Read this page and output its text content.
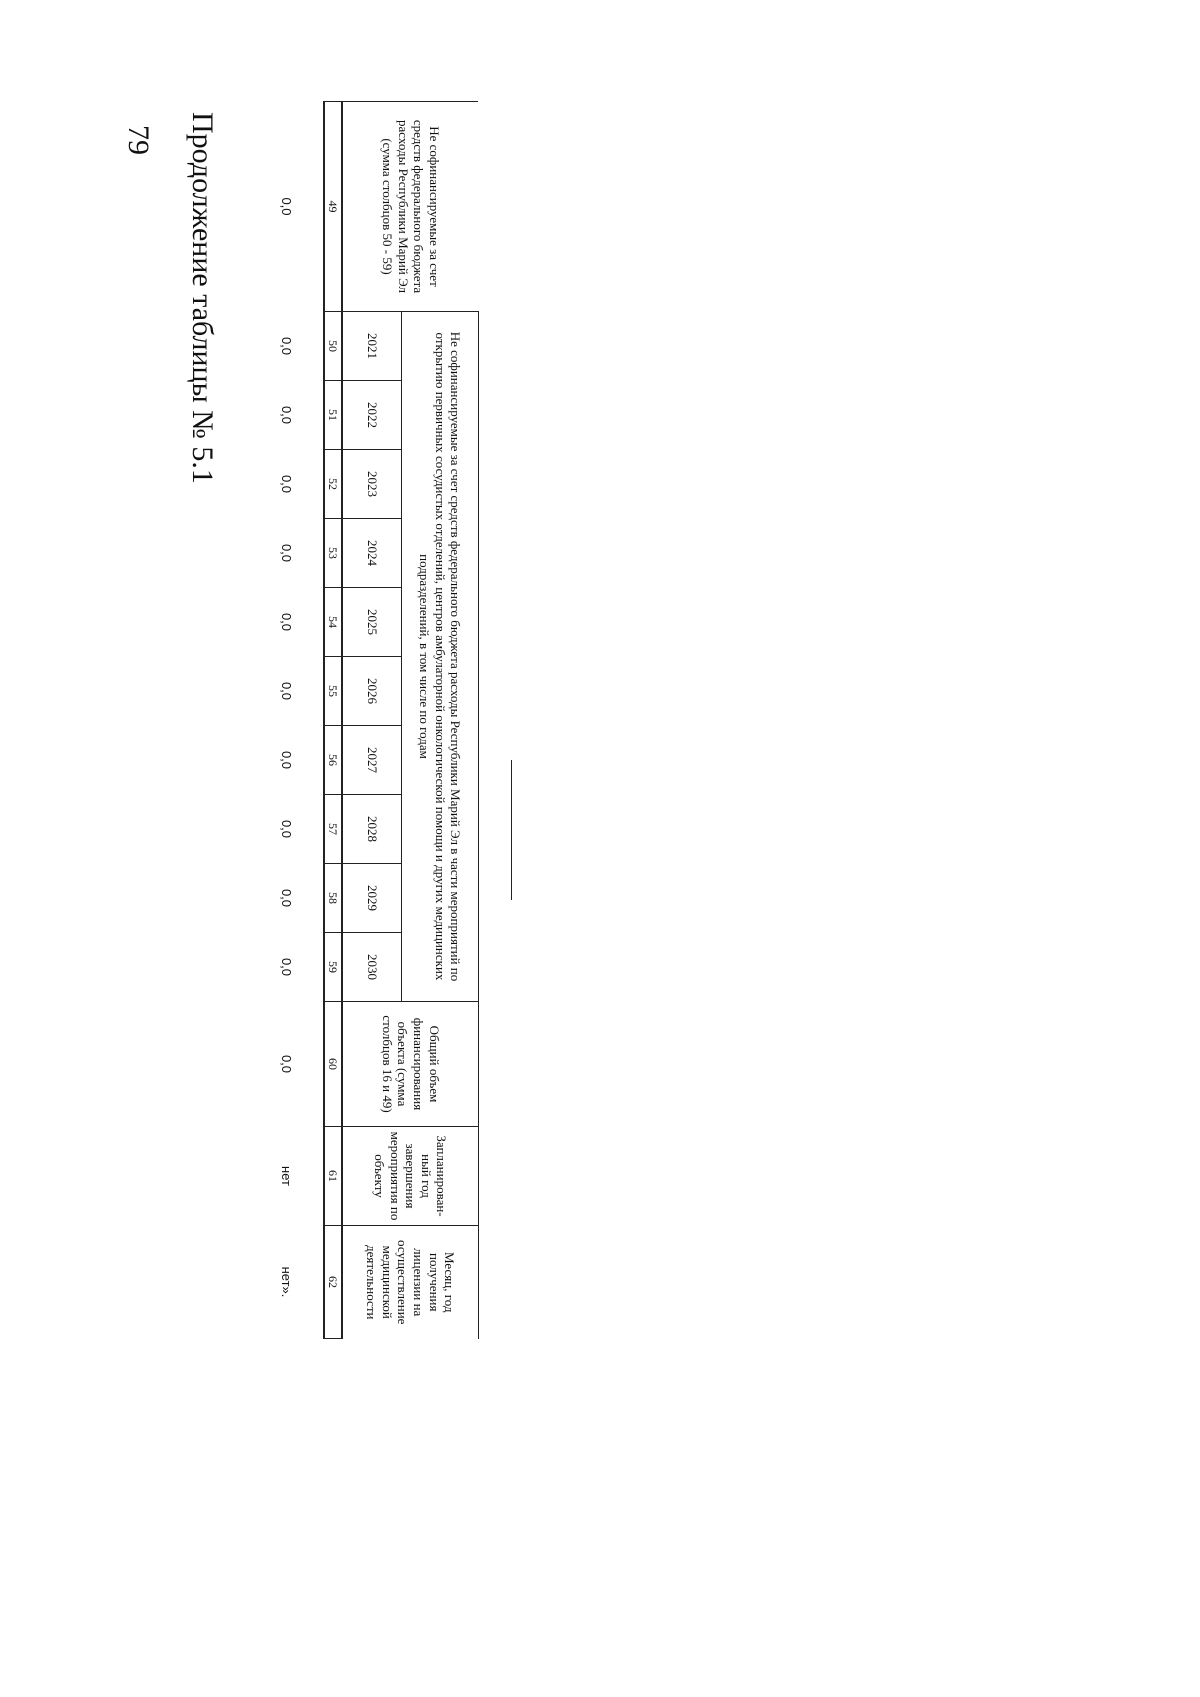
79 Продолжение таблицы № 5.1	Не софинансируемые за счет средств федерального бюджета расходы Республики Марий Эл (сумма столбцов 50 - 59)	Не софинансируемые за счет средств федерального бюджета расходы Республики Марий Эл в части мероприятий по открытию первичных сосудистых отделений, центров амбулаторной онкологической помощи и других медицинских подразделений, в том числе по годам										Общий объем финансирования объекта (сумма столбцов 16 и 49)	Запланирован-ный год завершения мероприятия по объекту	Месяц, год получения лицензии на осуществление медицинской деятельности
	2021	2022	2023	2024	2025	2026	2027	2028	2029	2030			
49	50	51	52	53	54	55	56	57	58	59	60	61	62
0,0	0,0	0,0	0,0	0,0	0,0	0,0	0,0	0,0	0,0	0,0	0,0	нет	нет».
